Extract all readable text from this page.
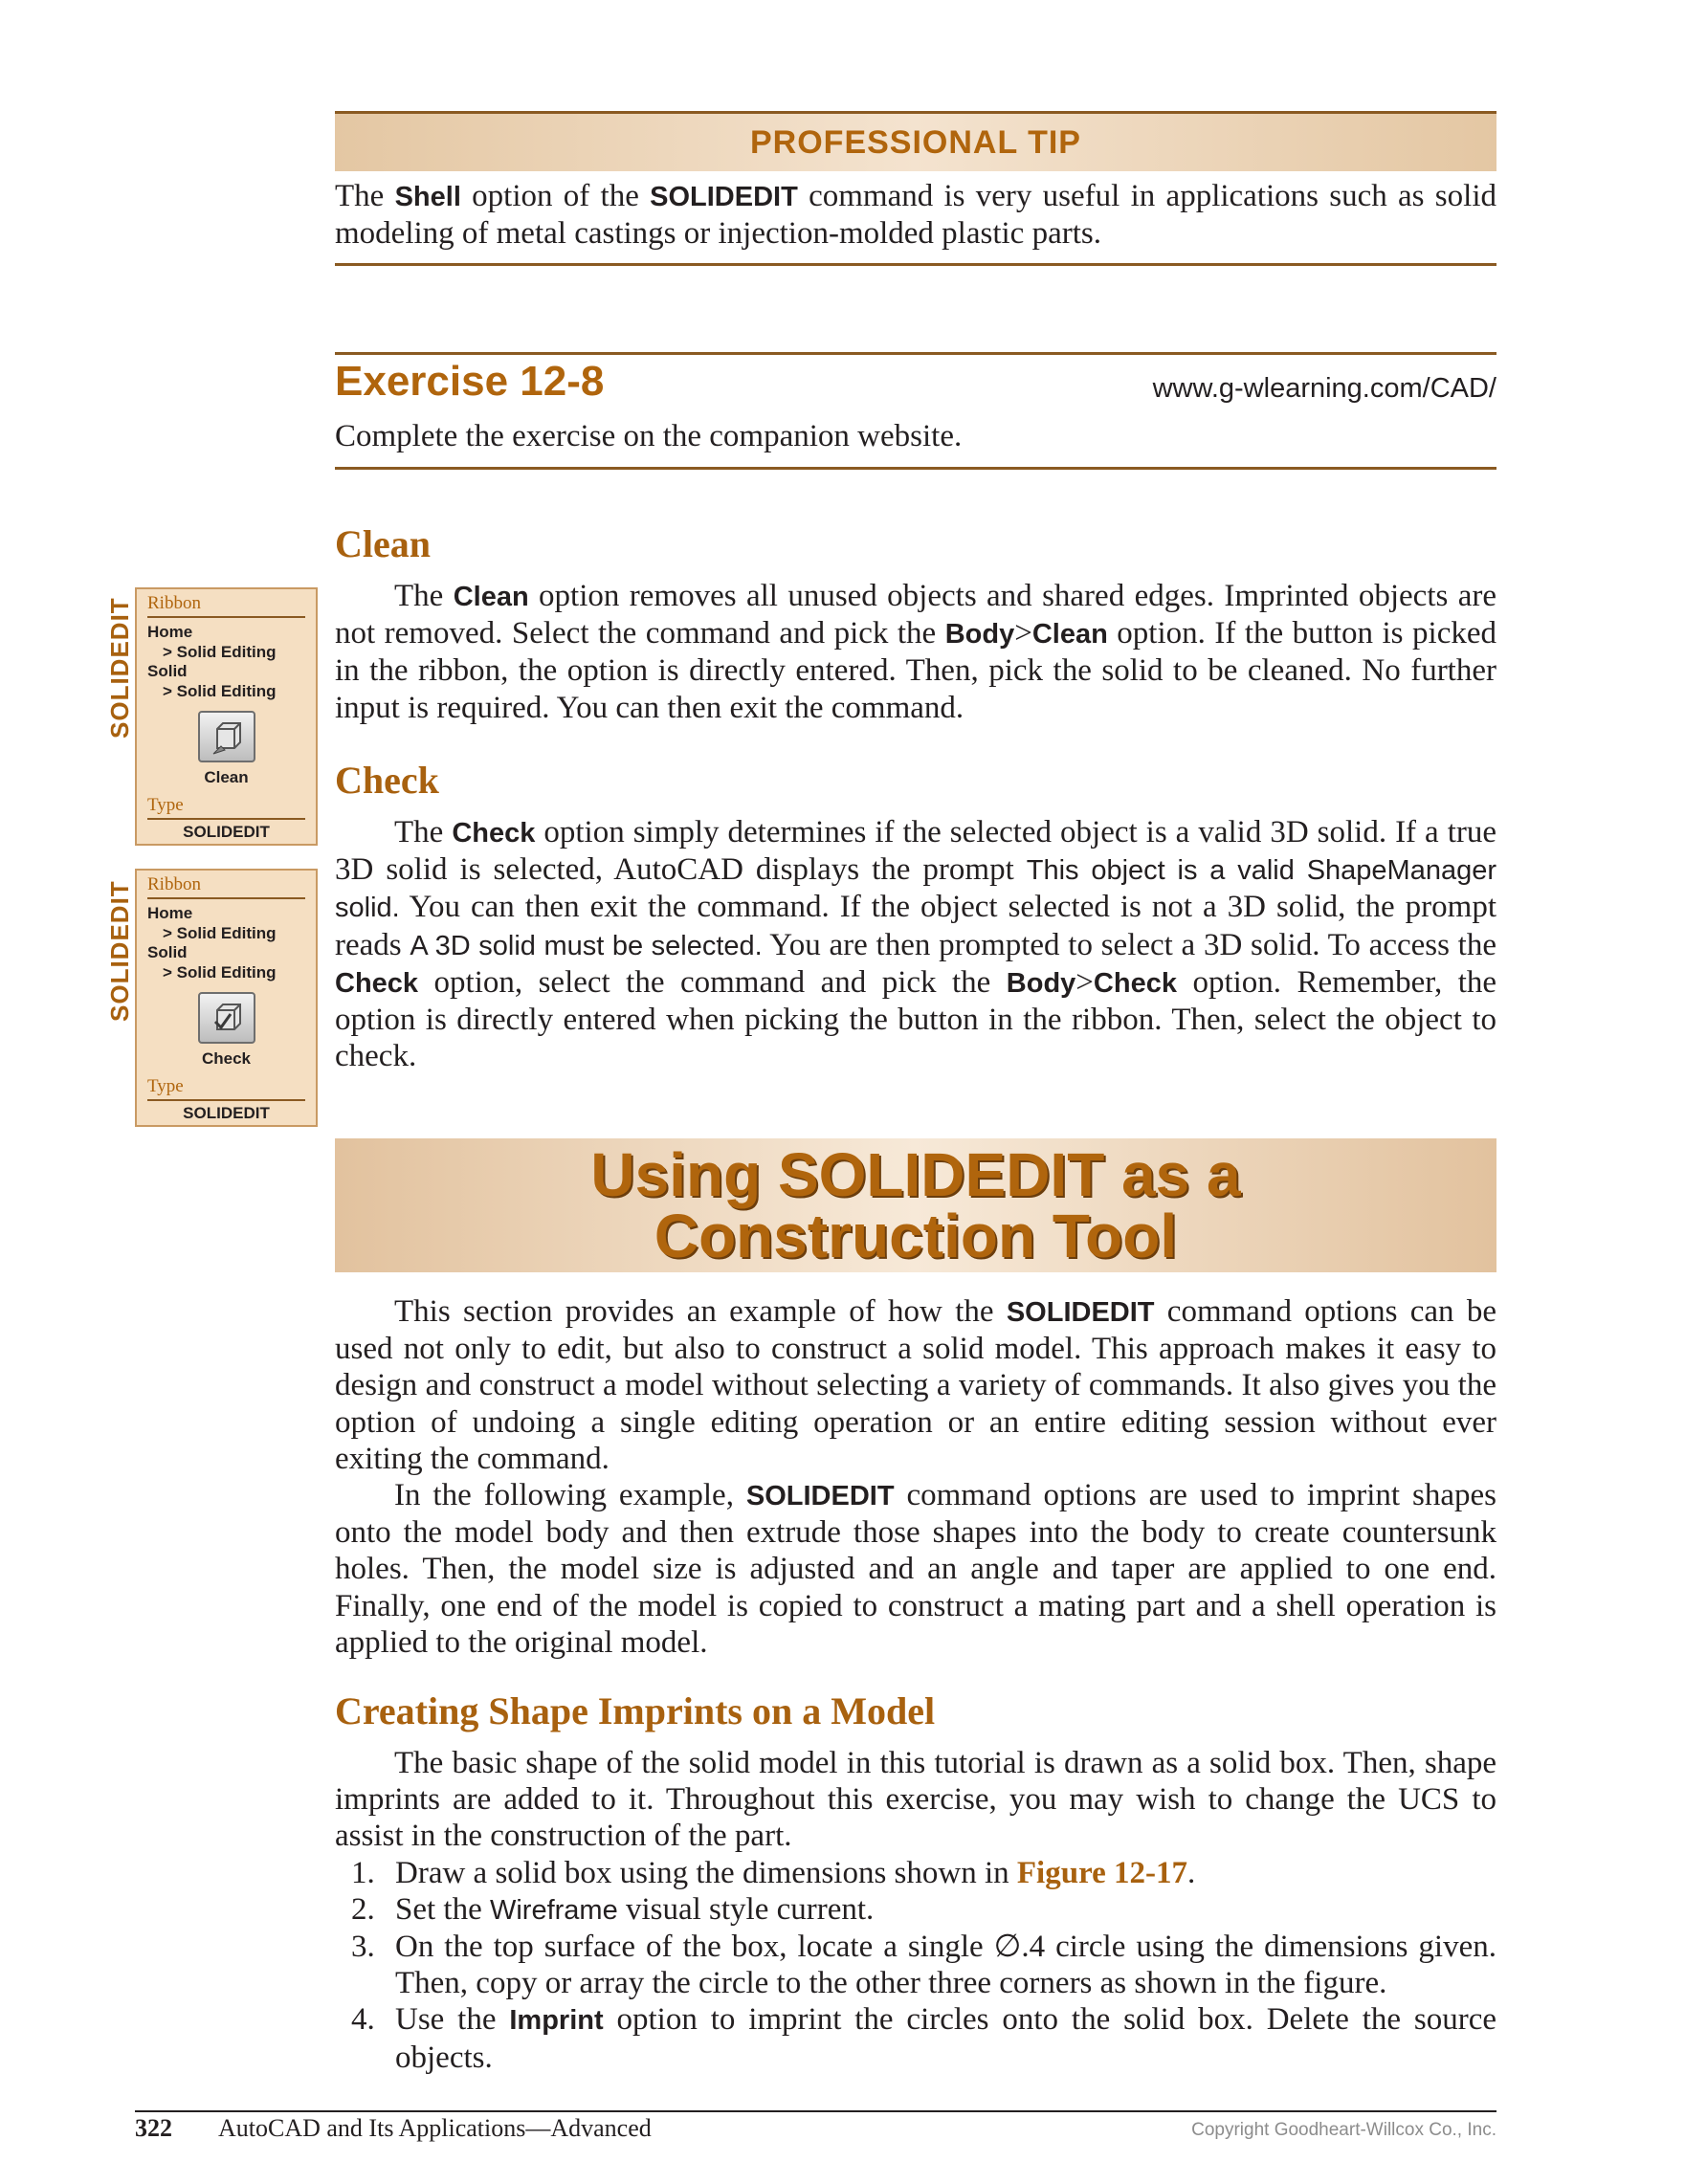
PROFESSIONAL TIP
The Shell option of the SOLIDEDIT command is very useful in applications such as solid modeling of metal castings or injection-molded plastic parts.
Exercise 12-8	www.g-wlearning.com/CAD/
Complete the exercise on the companion website.
Clean

The Clean option removes all unused objects and shared edges. Imprinted objects are not removed. Select the command and pick the Body>Clean option. If the button is picked in the ribbon, the option is directly entered. Then, pick the solid to be cleaned. No further input is required. You can then exit the command.

Check

The Check option simply determines if the selected object is a valid 3D solid. If a true 3D solid is selected, AutoCAD displays the prompt This object is a valid ShapeManager solid. You can then exit the command. If the object selected is not a 3D solid, the prompt reads A 3D solid must be selected. You are then prompted to select a 3D solid. To access the Check option, select the command and pick the Body>Check option. Remember, the option is directly entered when picking the button in the ribbon. Then, select the object to check.

SOLIDEDIT Ribbon
Home
> Solid Editing
Solid
> Solid Editing
Clean
Type
SOLIDEDIT
SOLIDEDIT Ribbon
Home
> Solid Editing
Solid
> Solid Editing
Check
Type
SOLIDEDIT
Using SOLIDEDIT as a
Construction Tool

This section provides an example of how the SOLIDEDIT command options can be used not only to edit, but also to construct a solid model. This approach makes it easy to design and construct a model without selecting a variety of commands. It also gives you the option of undoing a single editing operation or an entire editing session without ever exiting the command.

In the following example, SOLIDEDIT command options are used to imprint shapes onto the model body and then extrude those shapes into the body to create countersunk holes. Then, the model size is adjusted and an angle and taper are applied to one end. Finally, one end of the model is copied to construct a mating part and a shell operation is applied to the original model.

Creating Shape Imprints on a Model

The basic shape of the solid model in this tutorial is drawn as a solid box. Then, shape imprints are added to it. Throughout this exercise, you may wish to change the UCS to assist in the construction of the part.

1. Draw a solid box using the dimensions shown in Figure 12-17.
2. Set the Wireframe visual style current.
3. On the top surface of the box, locate a single ∅.4 circle using the dimensions given. Then, copy or array the circle to the other three corners as shown in the figure.
4. Use the Imprint option to imprint the circles onto the solid box. Delete the source objects.
322 AutoCAD and Its Applications—Advanced	Copyright Goodheart-Willcox Co., Inc.
